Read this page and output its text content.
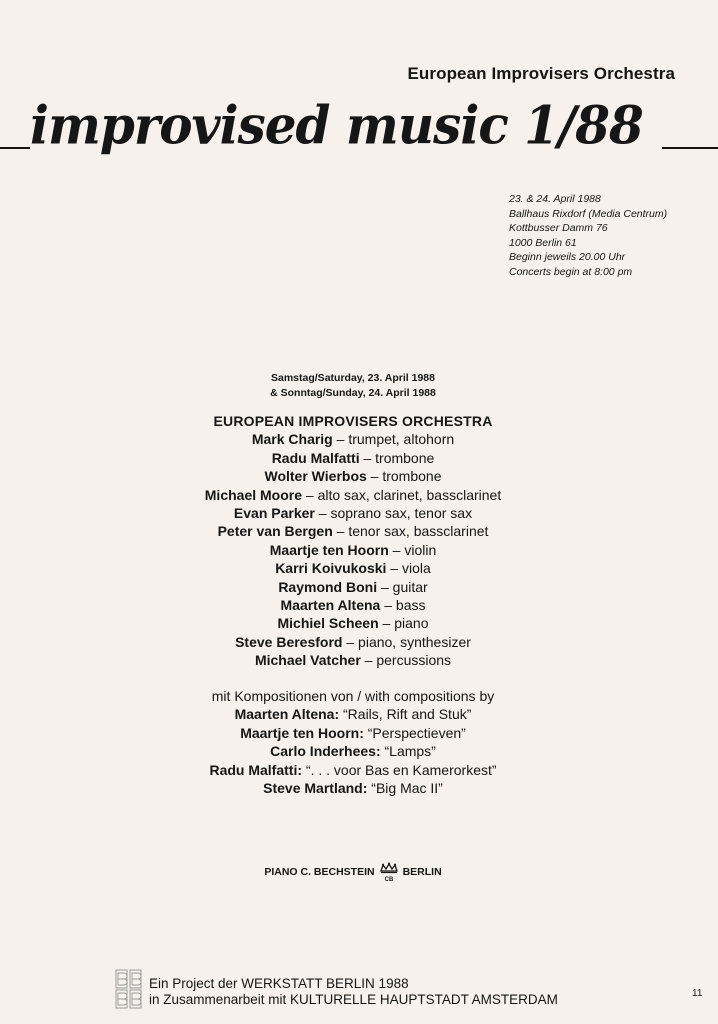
European Improvisers Orchestra
improvised music 1/88
23. & 24. April 1988
Ballhaus Rixdorf (Media Centrum)
Kottbusser Damm 76
1000 Berlin 61
Beginn jeweils 20.00 Uhr
Concerts begin at 8:00 pm
Samstag/Saturday, 23. April 1988
& Sonntag/Sunday, 24. April 1988
EUROPEAN IMPROVISERS ORCHESTRA
Mark Charig – trumpet, altohorn
Radu Malfatti – trombone
Wolter Wierbos – trombone
Michael Moore – alto sax, clarinet, bassclarinet
Evan Parker – soprano sax, tenor sax
Peter van Bergen – tenor sax, bassclarinet
Maartje ten Hoorn – violin
Karri Koivukoski – viola
Raymond Boni – guitar
Maarten Altena – bass
Michiel Scheen – piano
Steve Beresford – piano, synthesizer
Michael Vatcher – percussions
mit Kompositionen von / with compositions by
Maarten Altena: “Rails, Rift and Stuk”
Maartje ten Hoorn: “Perspectieven”
Carlo Inderhees: “Lamps”
Radu Malfatti: “. . . voor Bas en Kamerorkest”
Steve Martland: “Big Mac II”
PIANO C. BECHSTEIN
CB
BERLIN
Ein Project der WERKSTATT BERLIN 1988
in Zusammenarbeit mit KULTURELLE HAUPTSTADT AMSTERDAM	11
